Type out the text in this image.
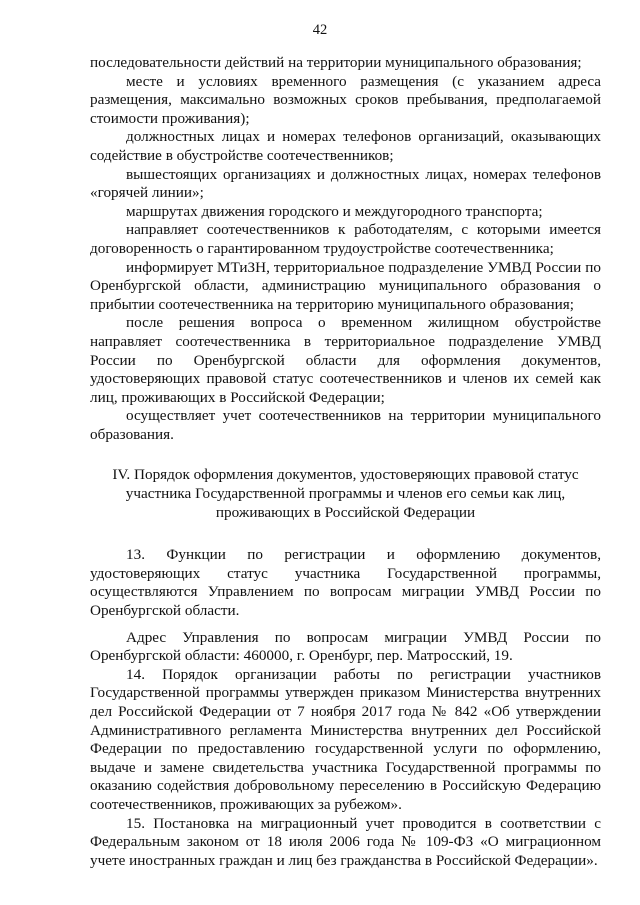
42

последовательности действий на территории муниципального образования;

месте и условиях временного размещения (с указанием адреса размещения, максимально возможных сроков пребывания, предполагаемой стоимости проживания);

должностных лицах и номерах телефонов организаций, оказывающих содействие в обустройстве соотечественников;

вышестоящих организациях и должностных лицах, номерах телефонов «горячей линии»;

маршрутах движения городского и междугородного транспорта;

направляет соотечественников к работодателям, с которыми имеется договоренность о гарантированном трудоустройстве соотечественника;

информирует МТиЗН, территориальное подразделение УМВД России по Оренбургской области, администрацию муниципального образования о прибытии соотечественника на территорию муниципального образования;

после решения вопроса о временном жилищном обустройстве направляет соотечественника в территориальное подразделение УМВД России по Оренбургской области для оформления документов, удостоверяющих правовой статус соотечественников и членов их семей как лиц, проживающих в Российской Федерации;

осуществляет учет соотечественников на территории муниципального образования.

IV. Порядок оформления документов, удостоверяющих правовой статус
участника Государственной программы и членов его семьи как лиц,
проживающих в Российской Федерации

13. Функции по регистрации и оформлению документов, удостоверяющих статус участника Государственной программы, осуществляются Управлением по вопросам миграции УМВД России по Оренбургской области.

Адрес Управления по вопросам миграции УМВД России по Оренбургской области: 460000, г. Оренбург, пер. Матросский, 19.

14. Порядок организации работы по регистрации участников Государственной программы утвержден приказом Министерства внутренних дел Российской Федерации от 7 ноября 2017 года № 842 «Об утверждении Административного регламента Министерства внутренних дел Российской Федерации по предоставлению государственной услуги по оформлению, выдаче и замене свидетельства участника Государственной программы по оказанию содействия добровольному переселению в Российскую Федерацию соотечественников, проживающих за рубежом».

15. Постановка на миграционный учет проводится в соответствии с Федеральным законом от 18 июля 2006 года № 109-ФЗ «О миграционном учете иностранных граждан и лиц без гражданства в Российской Федерации».
